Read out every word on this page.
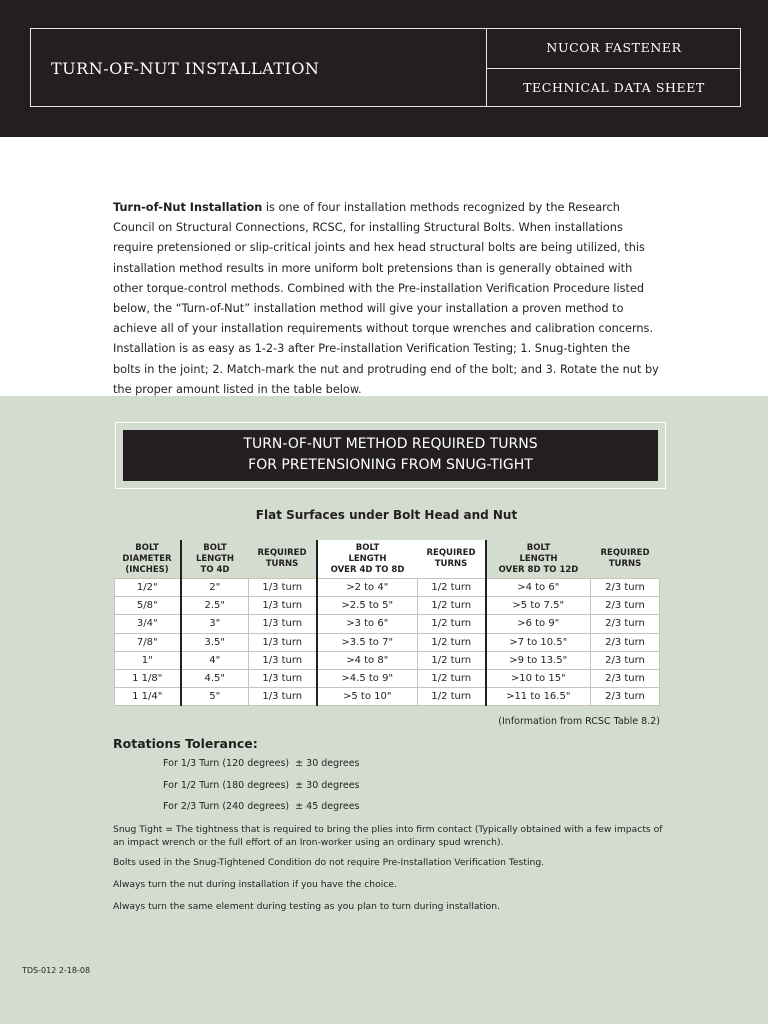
TURN-OF-NUT INSTALLATION
NUCOR FASTENER
TECHNICAL DATA SHEET
Turn-of-Nut Installation is one of four installation methods recognized by the Research Council on Structural Connections, RCSC, for installing Structural Bolts. When installations require pretensioned or slip-critical joints and hex head structural bolts are being utilized, this installation method results in more uniform bolt pretensions than is generally obtained with other torque-control methods. Combined with the Pre-installation Verification Procedure listed below, the “Turn-of-Nut” installation method will give your installation a proven method to achieve all of your installation requirements without torque wrenches and calibration concerns. Installation is as easy as 1-2-3 after Pre-installation Verification Testing; 1. Snug-tighten the bolts in the joint; 2. Match-mark the nut and protruding end of the bolt; and 3. Rotate the nut by the proper amount listed in the table below.
TURN-OF-NUT METHOD REQUIRED TURNS
FOR PRETENSIONING FROM SNUG-TIGHT
Flat Surfaces under Bolt Head and Nut
BOLT
DIAMETER
(INCHES)	BOLT
LENGTH
TO 4D	REQUIRED
TURNS	BOLT
LENGTH
OVER 4D TO 8D	REQUIRED
TURNS	BOLT
LENGTH
OVER 8D TO 12D	REQUIRED
TURNS
1/2"	2"	1/3 turn	>2 to 4"	1/2 turn	>4 to 6"	2/3 turn
5/8"	2.5"	1/3 turn	>2.5 to 5"	1/2 turn	>5 to 7.5"	2/3 turn
3/4"	3"	1/3 turn	>3 to 6"	1/2 turn	>6 to 9"	2/3 turn
7/8"	3.5"	1/3 turn	>3.5 to 7"	1/2 turn	>7 to 10.5"	2/3 turn
1"	4"	1/3 turn	>4 to 8"	1/2 turn	>9 to 13.5"	2/3 turn
1 1/8"	4.5"	1/3 turn	>4.5 to 9"	1/2 turn	>10 to 15"	2/3 turn
1 1/4"	5"	1/3 turn	>5 to 10"	1/2 turn	>11 to 16.5"	2/3 turn
(Information from RCSC Table 8.2)
Rotations Tolerance:
For 1/3 Turn (120 degrees)  ± 30 degrees
For 1/2 Turn (180 degrees)  ± 30 degrees
For 2/3 Turn (240 degrees)  ± 45 degrees
Snug Tight = The tightness that is required to bring the plies into firm contact (Typically obtained with a few impacts of an impact wrench or the full effort of an Iron-worker using an ordinary spud wrench).
Bolts used in the Snug-Tightened Condition do not require Pre-Installation Verification Testing.
Always turn the nut during installation if you have the choice.
Always turn the same element during testing as you plan to turn during installation.
TDS-012 2-18-08
